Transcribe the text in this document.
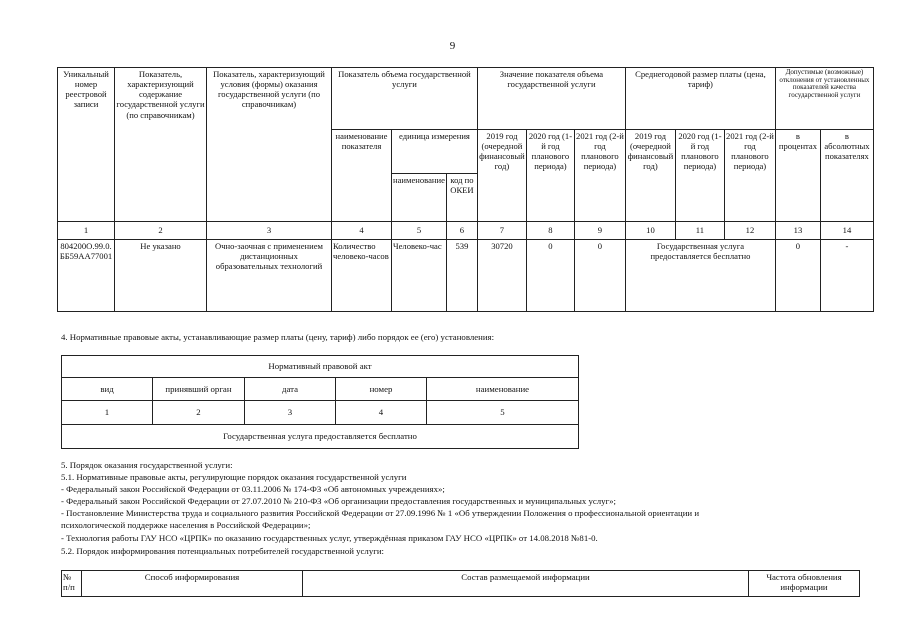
9
Уникальный номер реестровой записи	Показатель, характеризующий содержание государственной услуги (по справочникам)	Показатель, характеризующий условия (формы) оказания государственной услуги (по справочникам)	Показатель объема государственной услуги			Значение показателя объема государственной услуги			Среднегодовой размер платы (цена, тариф)			Допустимые (возможные) отклонения от установленных показателей качества государственной услуги	
			наименование показателя	единица измерения		2019 год (очередной финансовый год)	2020 год (1-й год планового периода)	2021 год (2-й год планового периода)	2019 год (очередной финансовый год)	2020 год (1-й год планового периода)	2021 год (2-й год планового периода)	в процентах	в абсолютных показателях
				наименование	код по ОКЕИ								
1	2	3	4	5	6	7	8	9	10	11	12	13	14
804200О.99.0.ББ59АА77001	Не указано	Очно-заочная с применением дистанционных образовательных технологий	Количество человеко-часов	Человеко-час	539	30720	0	0	Государственная услуга предоставляется бесплатно			0	-
4. Нормативные правовые акты, устанавливающие размер платы (цену, тариф) либо порядок ее (его) установления:
Нормативный правовой акт				
вид	принявший орган	дата	номер	наименование
1	2	3	4	5
Государственная услуга предоставляется бесплатно				
5. Порядок оказания государственной услуги:
5.1. Нормативные правовые акты, регулирующие порядок оказания государственной услуги
- Федеральный закон Российской Федерации от 03.11.2006 № 174-ФЗ «Об автономных учреждениях»;
- Федеральный закон Российской Федерации от 27.07.2010 № 210-ФЗ «Об организации предоставления государственных и муниципальных услуг»;
- Постановление Министерства труда и социального развития Российской Федерации от 27.09.1996 № 1 «Об утверждении Положения о профессиональной ориентации и
психологической поддержке населения в Российской Федерации»;
- Технология работы ГАУ НСО «ЦРПК» по оказанию государственных услуг, утверждённая приказом ГАУ НСО «ЦРПК» от 14.08.2018 №81-0.
5.2. Порядок информирования потенциальных потребителей государственной услуги:
№ п/п	Способ информирования	Состав размещаемой информации	Частота обновления информации
